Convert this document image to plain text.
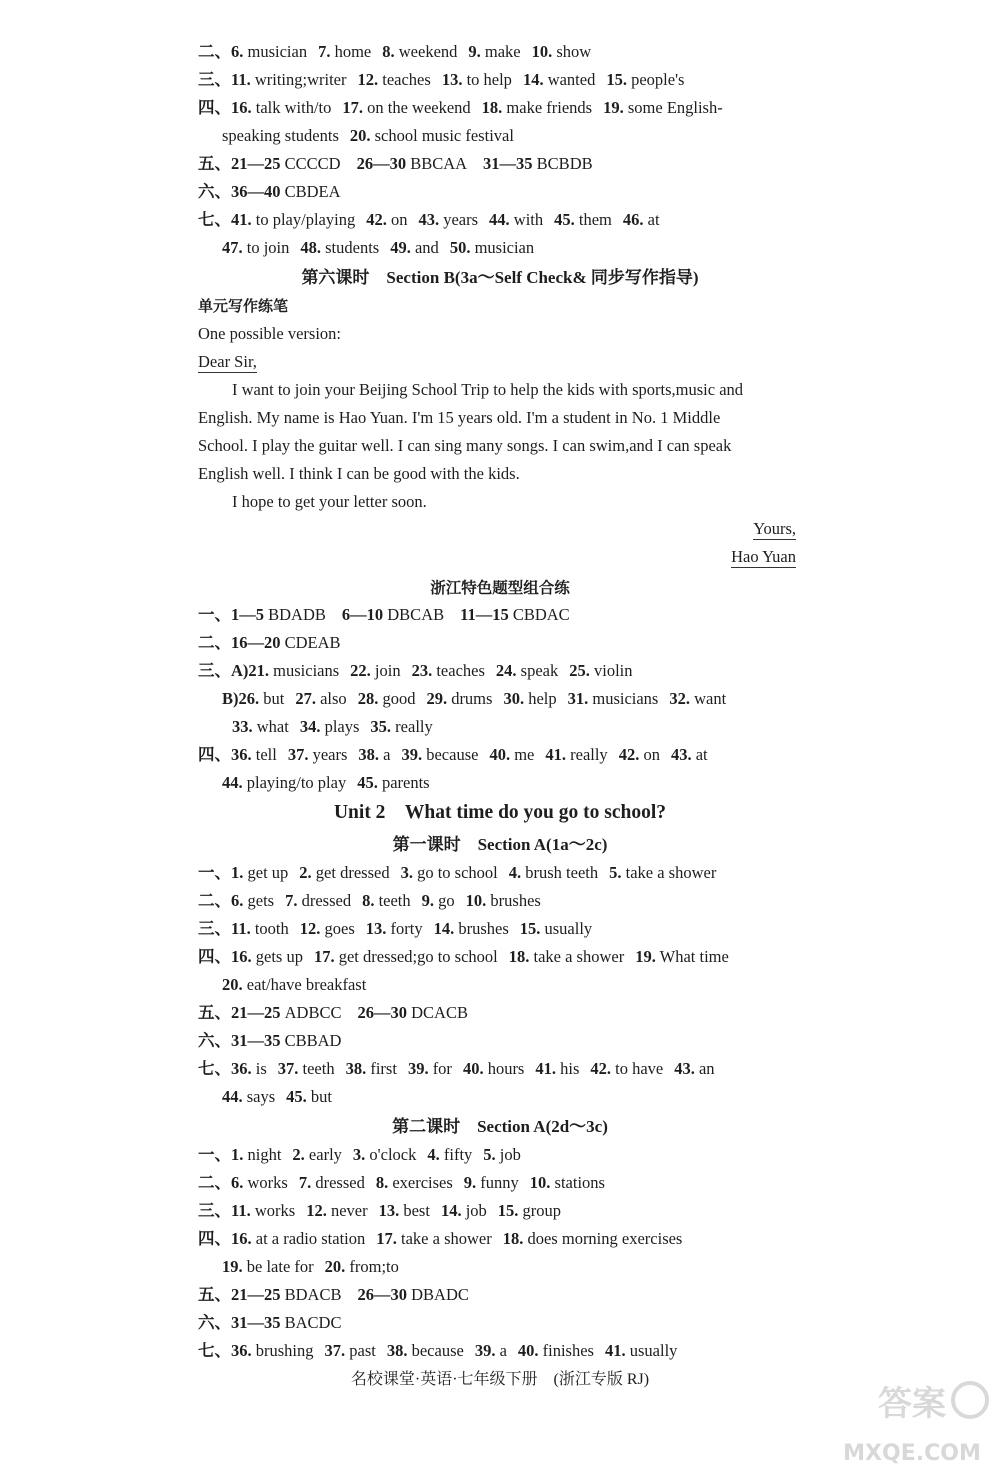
二、6. musician 7. home 8. weekend 9. make 10. show
三、11. writing;writer 12. teaches 13. to help 14. wanted 15. people's
四、16. talk with/to 17. on the weekend 18. make friends 19. some English-
speaking students 20. school music festival
五、21—25 CCCCD 26—30 BBCAA 31—35 BCBDB
六、36—40 CBDEA
七、41. to play/playing 42. on 43. years 44. with 45. them 46. at
47. to join 48. students 49. and 50. musician
一、1—5 BDADB 6—10 DBCAB 11—15 CBDAC
二、16—20 CDEAB
三、A)21. musicians 22. join 23. teaches 24. speak 25. violin
B)26. but 27. also 28. good 29. drums 30. help 31. musicians 32. want
33. what 34. plays 35. really
四、36. tell 37. years 38. a 39. because 40. me 41. really 42. on 43. at
44. playing/to play 45. parents
一、1. get up 2. get dressed 3. go to school 4. brush teeth 5. take a shower
二、6. gets 7. dressed 8. teeth 9. go 10. brushes
三、11. tooth 12. goes 13. forty 14. brushes 15. usually
四、16. gets up 17. get dressed;go to school 18. take a shower 19. What time
20. eat/have breakfast
五、21—25 ADBCC 26—30 DCACB
六、31—35 CBBAD
七、36. is 37. teeth 38. first 39. for 40. hours 41. his 42. to have 43. an
44. says 45. but
一、1. night 2. early 3. o'clock 4. fifty 5. job
二、6. works 7. dressed 8. exercises 9. funny 10. stations
三、11. works 12. never 13. best 14. job 15. group
四、16. at a radio station 17. take a shower 18. does morning exercises
19. be late for 20. from;to
五、21—25 BDACB 26—30 DBADC
六、31—35 BACDC
七、36. brushing 37. past 38. because 39. a 40. finishes 41. usually
第六课时　Section B(3a～Self Check& 同步写作指导)
单元写作练笔
One possible version:
Dear Sir,
I want to join your Beijing School Trip to help the kids with sports,music and
English. My name is Hao Yuan. I'm 15 years old. I'm a student in No. 1 Middle
School. I play the guitar well. I can sing many songs. I can swim,and I can speak
English well. I think I can be good with the kids.
I hope to get your letter soon.
Yours,
Hao Yuan
浙江特色题型组合练
Unit 2　What time do you go to school?
第一课时　Section A(1a～2c)
第二课时　Section A(2d～3c)
名校课堂·英语·七年级下册　(浙江专版 RJ)
答案
MXQE.COM
